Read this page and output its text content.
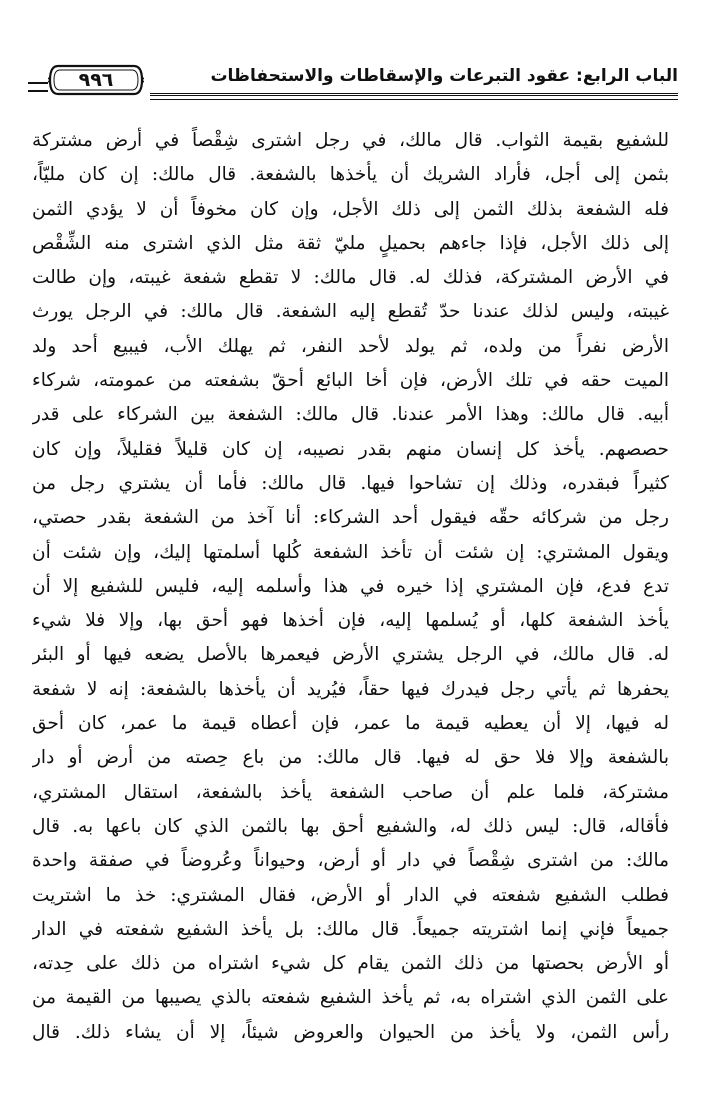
٩٩٦	الباب الرابع: عقود التبرعات والإسقاطات والاستحفاظات
للشفيع بقيمة الثواب. قال مالك، في رجل اشترى شِقْصاً في أرض مشتركة
بثمن إلى أجل، فأراد الشريك أن يأخذها بالشفعة. قال مالك: إن كان مليّاً،
فله الشفعة بذلك الثمن إلى ذلك الأجل، وإن كان مخوفاً أن لا يؤدي الثمن
إلى ذلك الأجل، فإذا جاءهم بحميلٍ مليّ ثقة مثل الذي اشترى منه الشِّقْص
في الأرض المشتركة، فذلك له. قال مالك: لا تقطع شفعة غيبته، وإن طالت
غيبته، وليس لذلك عندنا حدّ تُقطع إليه الشفعة. قال مالك: في الرجل يورث
الأرض نفراً من ولده، ثم يولد لأحد النفر، ثم يهلك الأب، فيبيع أحد ولد
الميت حقه في تلك الأرض، فإن أخا البائع أحقّ بشفعته من عمومته، شركاء
أبيه. قال مالك: وهذا الأمر عندنا. قال مالك: الشفعة بين الشركاء على قدر
حصصهم. يأخذ كل إنسان منهم بقدر نصيبه، إن كان قليلاً فقليلاً، وإن كان
كثيراً فبقدره، وذلك إن تشاحوا فيها. قال مالك: فأما أن يشتري رجل من
رجل من شركائه حقّه فيقول أحد الشركاء: أنا آخذ من الشفعة بقدر حصتي،
ويقول المشتري: إن شئت أن تأخذ الشفعة كُلها أسلمتها إليك، وإن شئت أن
تدع فدع، فإن المشتري إذا خيره في هذا وأسلمه إليه، فليس للشفيع إلا أن
يأخذ الشفعة كلها، أو يُسلمها إليه، فإن أخذها فهو أحق بها، وإلا فلا شيء
له. قال مالك، في الرجل يشتري الأرض فيعمرها بالأصل يضعه فيها أو البئر
يحفرها ثم يأتي رجل فيدرك فيها حقاً، فيُريد أن يأخذها بالشفعة: إنه لا شفعة
له فيها، إلا أن يعطيه قيمة ما عمر، فإن أعطاه قيمة ما عمر، كان أحق
بالشفعة وإلا فلا حق له فيها. قال مالك: من باع حِصته من أرض أو دار
مشتركة، فلما علم أن صاحب الشفعة يأخذ بالشفعة، استقال المشتري،
فأقاله، قال: ليس ذلك له، والشفيع أحق بها بالثمن الذي كان باعها به. قال
مالك: من اشترى شِقْصاً في دار أو أرض، وحيواناً وعُروضاً في صفقة واحدة
فطلب الشفيع شفعته في الدار أو الأرض، فقال المشتري: خذ ما اشتريت
جميعاً فإني إنما اشتريته جميعاً. قال مالك: بل يأخذ الشفيع شفعته في الدار
أو الأرض بحصتها من ذلك الثمن يقام كل شيء اشتراه من ذلك على حِدته،
على الثمن الذي اشتراه به، ثم يأخذ الشفيع شفعته بالذي يصيبها من القيمة من
رأس الثمن، ولا يأخذ من الحيوان والعروض شيئاً، إلا أن يشاء ذلك. قال
